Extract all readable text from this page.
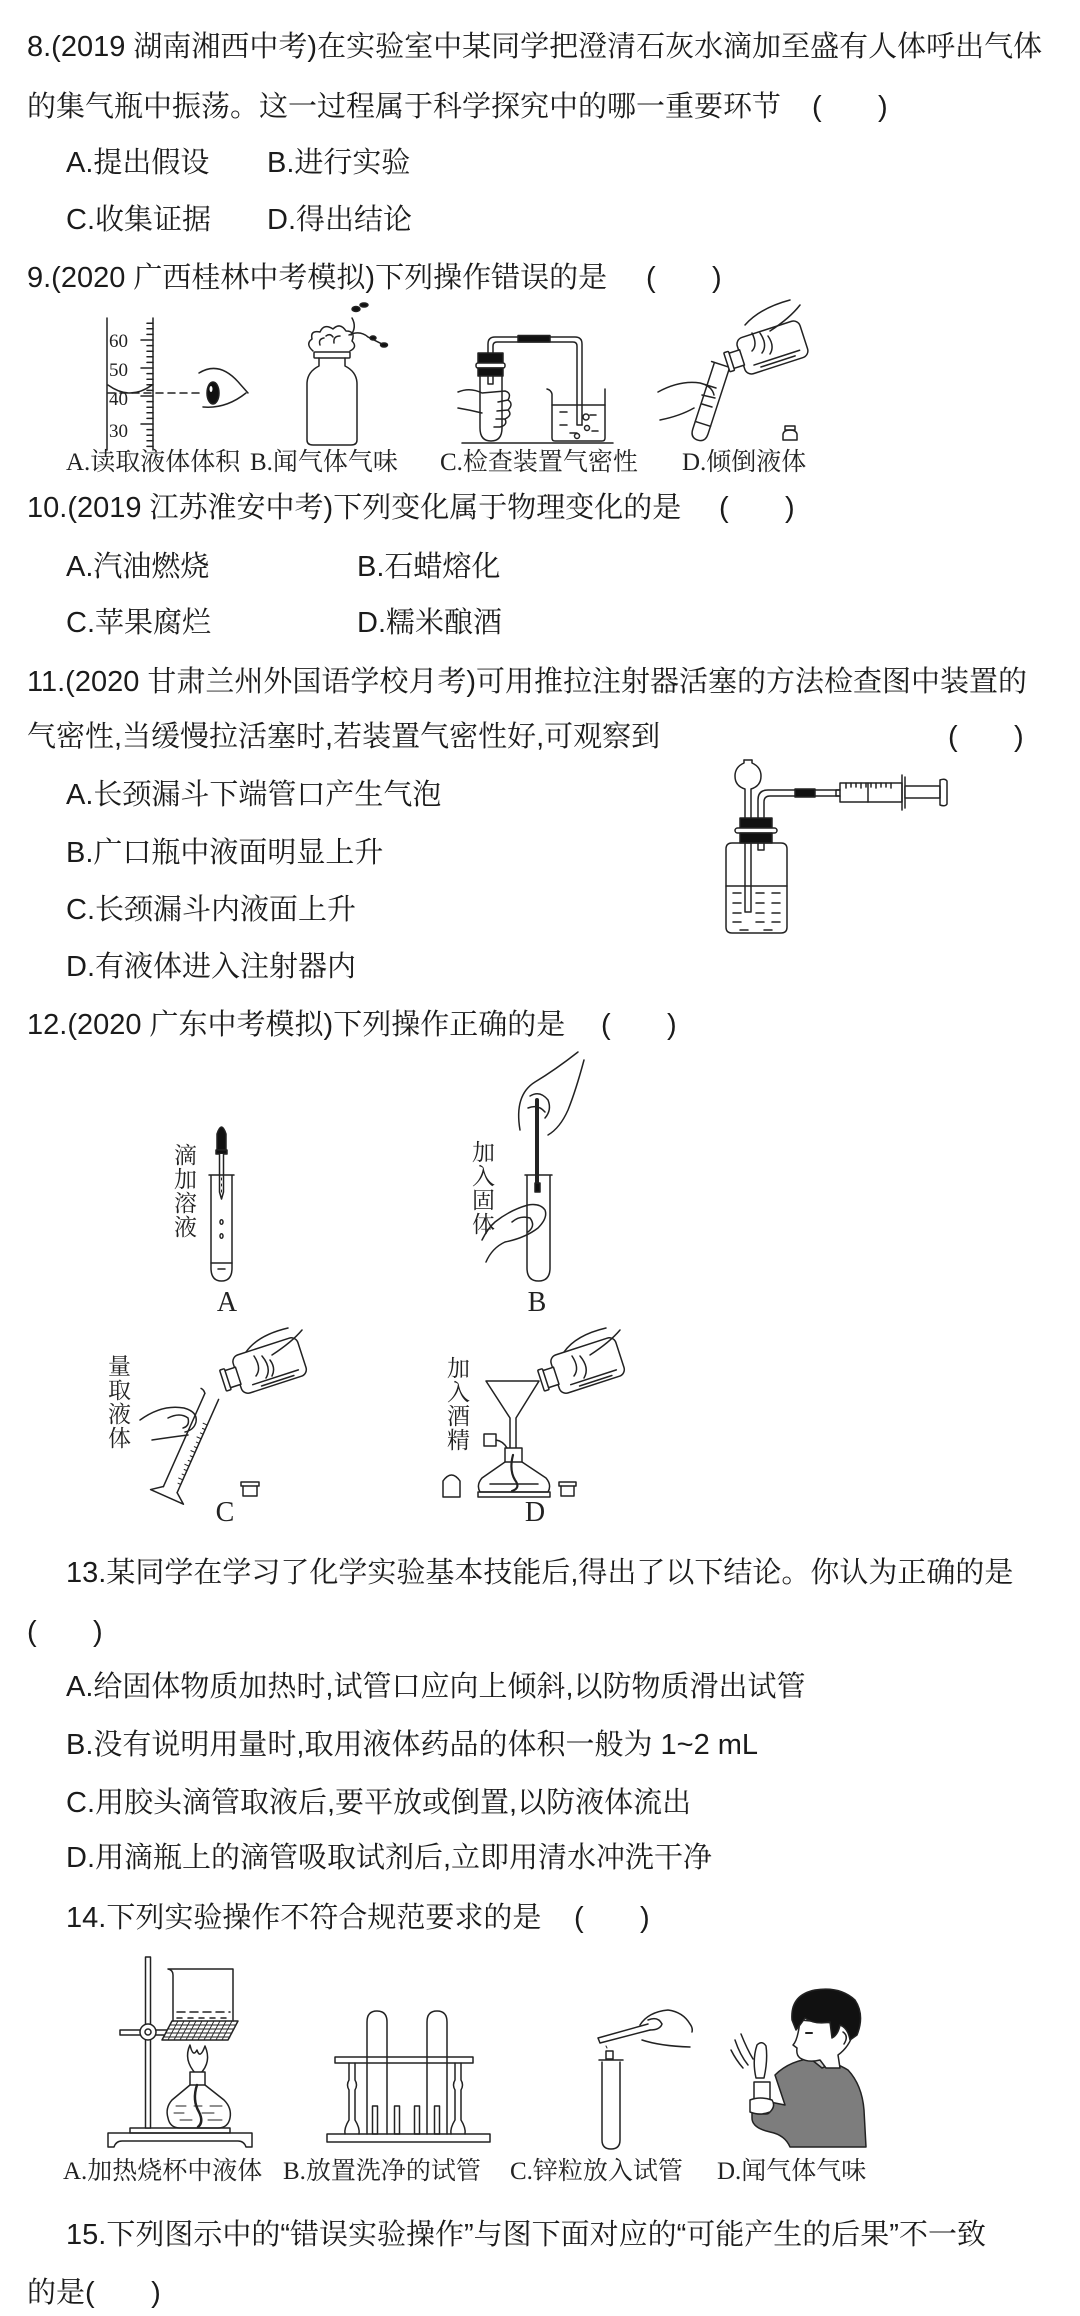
8.(2019 湖南湘西中考)在实验室中某同学把澄清石灰水滴加至盛有人体呼出气体
的集气瓶中振荡。这一过程属于科学探究中的哪一重要环节 (       )
A.提出假设 B.进行实验
C.收集证据 D.得出结论
9.(2020 广西桂林中考模拟)下列操作错误的是 (       )
60
50
40
30
A.读取液体体积 B.闻气体气味 C.检查装置气密性 D.倾倒液体
10.(2019 江苏淮安中考)下列变化属于物理变化的是 (       )
A.汽油燃烧	B.石蜡熔化
C.苹果腐烂	D.糯米酿酒
11.(2020 甘肃兰州外国语学校月考)可用推拉注射器活塞的方法检查图中装置的
气密性,当缓慢拉活塞时,若装置气密性好,可观察到	(       )
A.长颈漏斗下端管口产生气泡
B.广口瓶中液面明显上升
C.长颈漏斗内液面上升
D.有液体进入注射器内
12.(2020 广东中考模拟)下列操作正确的是 (       )
滴加溶液
A
加入固体
B
量取液体
C
加入酒精
D
13.某同学在学习了化学实验基本技能后,得出了以下结论。你认为正确的是
(       )
A.给固体物质加热时,试管口应向上倾斜,以防物质滑出试管
B.没有说明用量时,取用液体药品的体积一般为 1~2 mL
C.用胶头滴管取液后,要平放或倒置,以防液体流出
D.用滴瓶上的滴管吸取试剂后,立即用清水冲洗干净
14.下列实验操作不符合规范要求的是 (       )
A.加热烧杯中液体 B.放置洗净的试管 C.锌粒放入试管 D.闻气体气味
15.下列图示中的“错误实验操作”与图下面对应的“可能产生的后果”不一致
的是(       )
